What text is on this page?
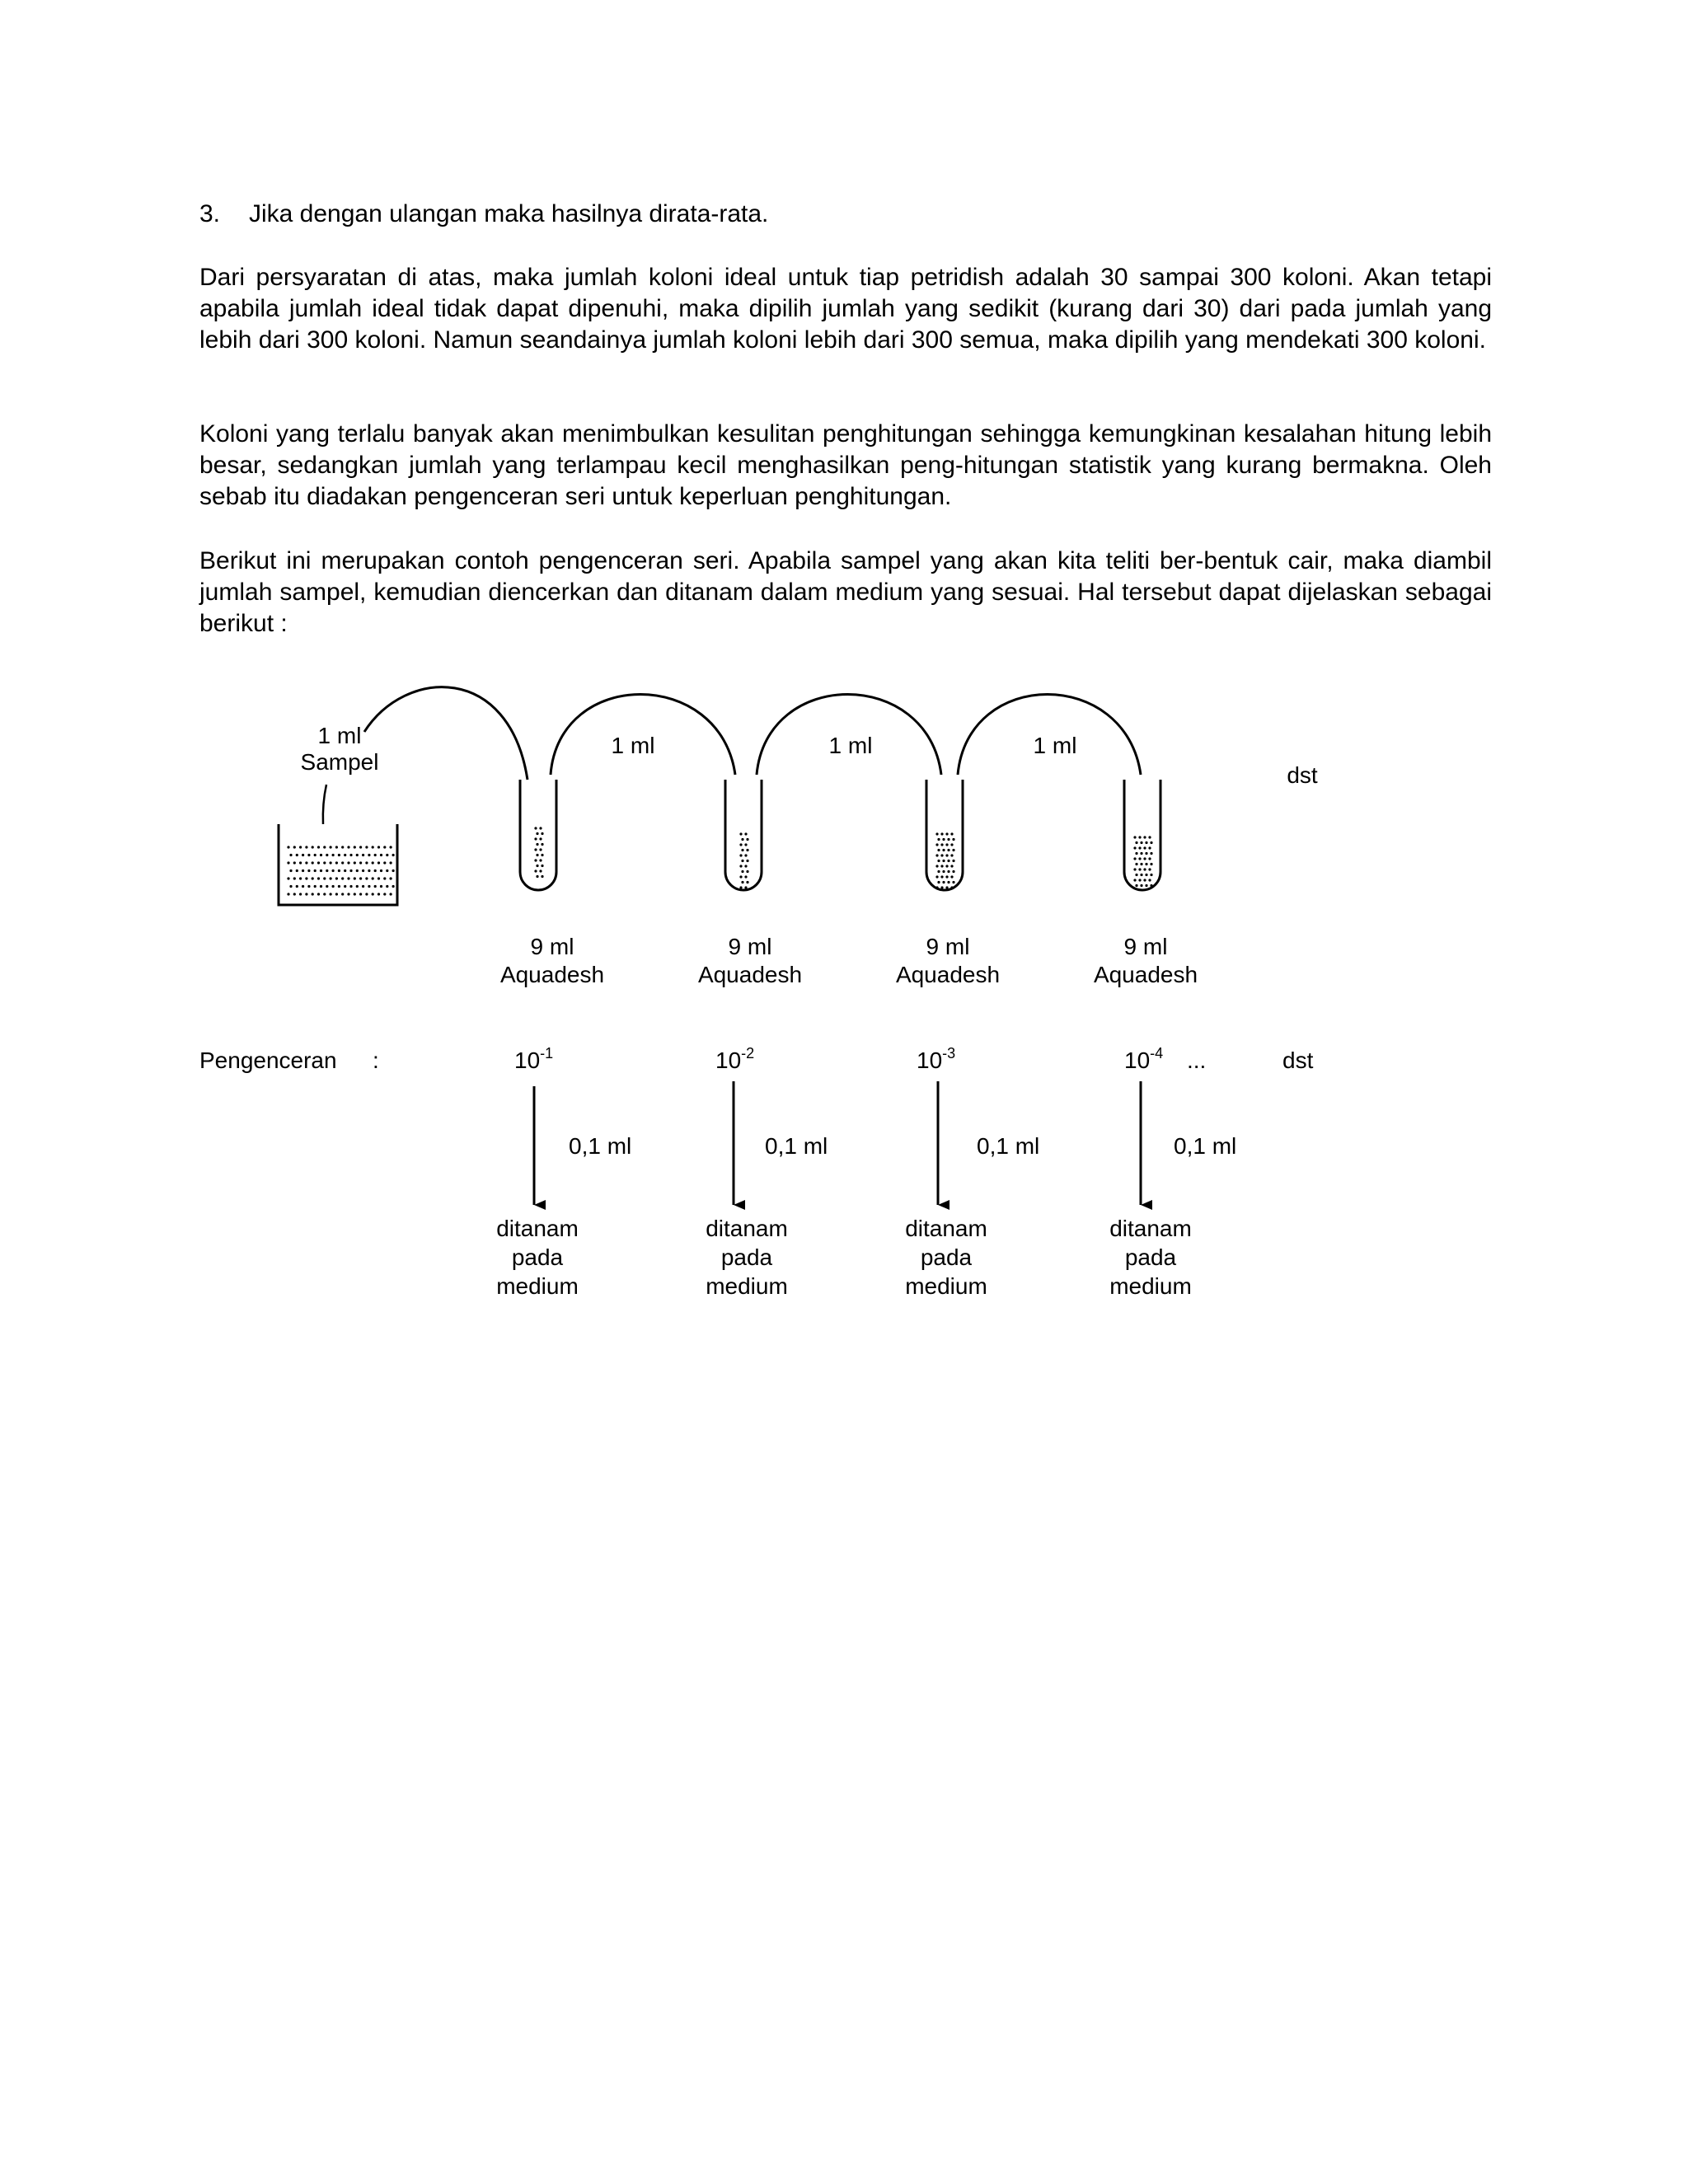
3. Jika dengan ulangan maka hasilnya dirata-rata.

Dari persyaratan di atas, maka jumlah koloni ideal untuk tiap petridish adalah 30 sampai 300 koloni. Akan tetapi apabila jumlah ideal tidak dapat dipenuhi, maka dipilih jumlah yang sedikit (kurang dari 30) dari pada jumlah yang lebih dari 300 koloni. Namun seandainya jumlah koloni lebih dari 300 semua, maka dipilih yang mendekati 300 koloni.

Koloni yang terlalu banyak akan menimbulkan kesulitan penghitungan sehingga kemungkinan kesalahan hitung lebih besar, sedangkan jumlah yang terlampau kecil menghasilkan peng-hitungan statistik yang kurang bermakna. Oleh sebab itu diadakan pengenceran seri untuk keperluan penghitungan.

Berikut ini merupakan contoh pengenceran seri. Apabila sampel yang akan kita teliti ber-bentuk cair, maka diambil jumlah sampel, kemudian diencerkan dan ditanam dalam medium yang sesuai. Hal tersebut dapat dijelaskan sebagai berikut :

1 ml
Sampel
1 ml	1 ml	1 ml
dst
9 ml
Aquadesh
9 ml
Aquadesh
9 ml
Aquadesh
9 ml
Aquadesh
Pengenceran :	10-1	10-2	10-3	10-4 ...	dst
0,1 ml	0,1 ml	0,1 ml	0,1 ml
ditanam
pada
medium
ditanam
pada
medium
ditanam
pada
medium
ditanam
pada
medium
